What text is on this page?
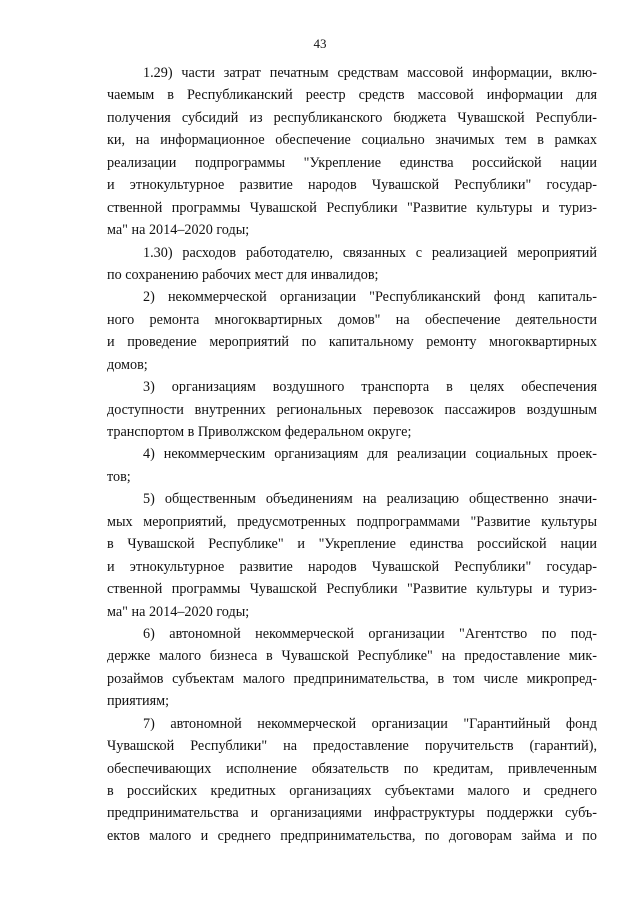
43
1.29) части затрат печатным средствам массовой информации, вклю-
чаемым в Республиканский реестр средств массовой информации для
получения субсидий из республиканского бюджета Чувашской Республи-
ки, на информационное обеспечение социально значимых тем в рамках
реализации подпрограммы "Укрепление единства российской нации
и этнокультурное развитие народов Чувашской Республики" государ-
ственной программы Чувашской Республики "Развитие культуры и туриз-
ма" на 2014–2020 годы;
1.30) расходов работодателю, связанных с реализацией мероприятий
по сохранению рабочих мест для инвалидов;
2) некоммерческой организации "Республиканский фонд капиталь-
ного ремонта многоквартирных домов" на обеспечение деятельности
и проведение мероприятий по капитальному ремонту многоквартирных
домов;
3) организациям воздушного транспорта в целях обеспечения
доступности внутренних региональных перевозок пассажиров воздушным
транспортом в Приволжском федеральном округе;
4) некоммерческим организациям для реализации социальных проек-
тов;
5) общественным объединениям на реализацию общественно значи-
мых мероприятий, предусмотренных подпрограммами "Развитие культуры
в Чувашской Республике" и "Укрепление единства российской нации
и этнокультурное развитие народов Чувашской Республики" государ-
ственной программы Чувашской Республики "Развитие культуры и туриз-
ма" на 2014–2020 годы;
6) автономной некоммерческой организации "Агентство по под-
держке малого бизнеса в Чувашской Республике" на предоставление мик-
розаймов субъектам малого предпринимательства, в том числе микропред-
приятиям;
7) автономной некоммерческой организации "Гарантийный фонд
Чувашской Республики" на предоставление поручительств (гарантий),
обеспечивающих исполнение обязательств по кредитам, привлеченным
в российских кредитных организациях субъектами малого и среднего
предпринимательства и организациями инфраструктуры поддержки субъ-
ектов малого и среднего предпринимательства, по договорам займа и по
